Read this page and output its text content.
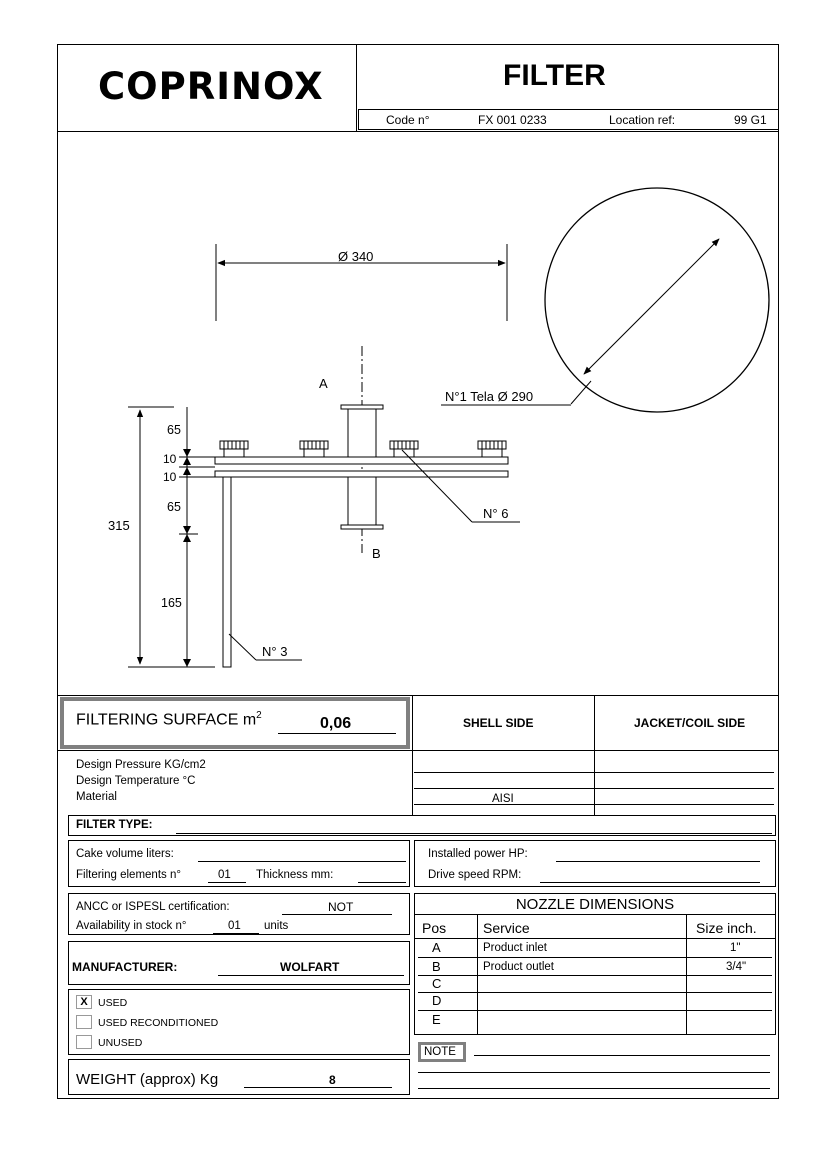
COPRINOX	FILTER
Code n°	FX 001 0233	Location ref:	99 G1
Ø 340
N°1 Tela Ø 290
A
B
N° 6
N° 3
315
65
10
10
65
165
FILTERING SURFACE $m^2$	0,06	SHELL SIDE	JACKET/COIL SIDE
Design Pressure KG/cm2
Design Temperature °C
Material	AISI
FILTER TYPE:
Cake volume liters:
Filtering elements n°	01 Thickness mm:
Installed power HP:
Drive speed RPM:
ANCC or ISPESL certification:	NOT
Availability in stock n°	01 units
MANUFACTURER:	WOLFART
X USED
USED RECONDITIONED
UNUSED
WEIGHT (approx) Kg	8
NOZZLE DIMENSIONS
Pos	Service	Size inch.
A	Product inlet	1"
B	Product outlet	3/4"
C
D
E
NOTE
